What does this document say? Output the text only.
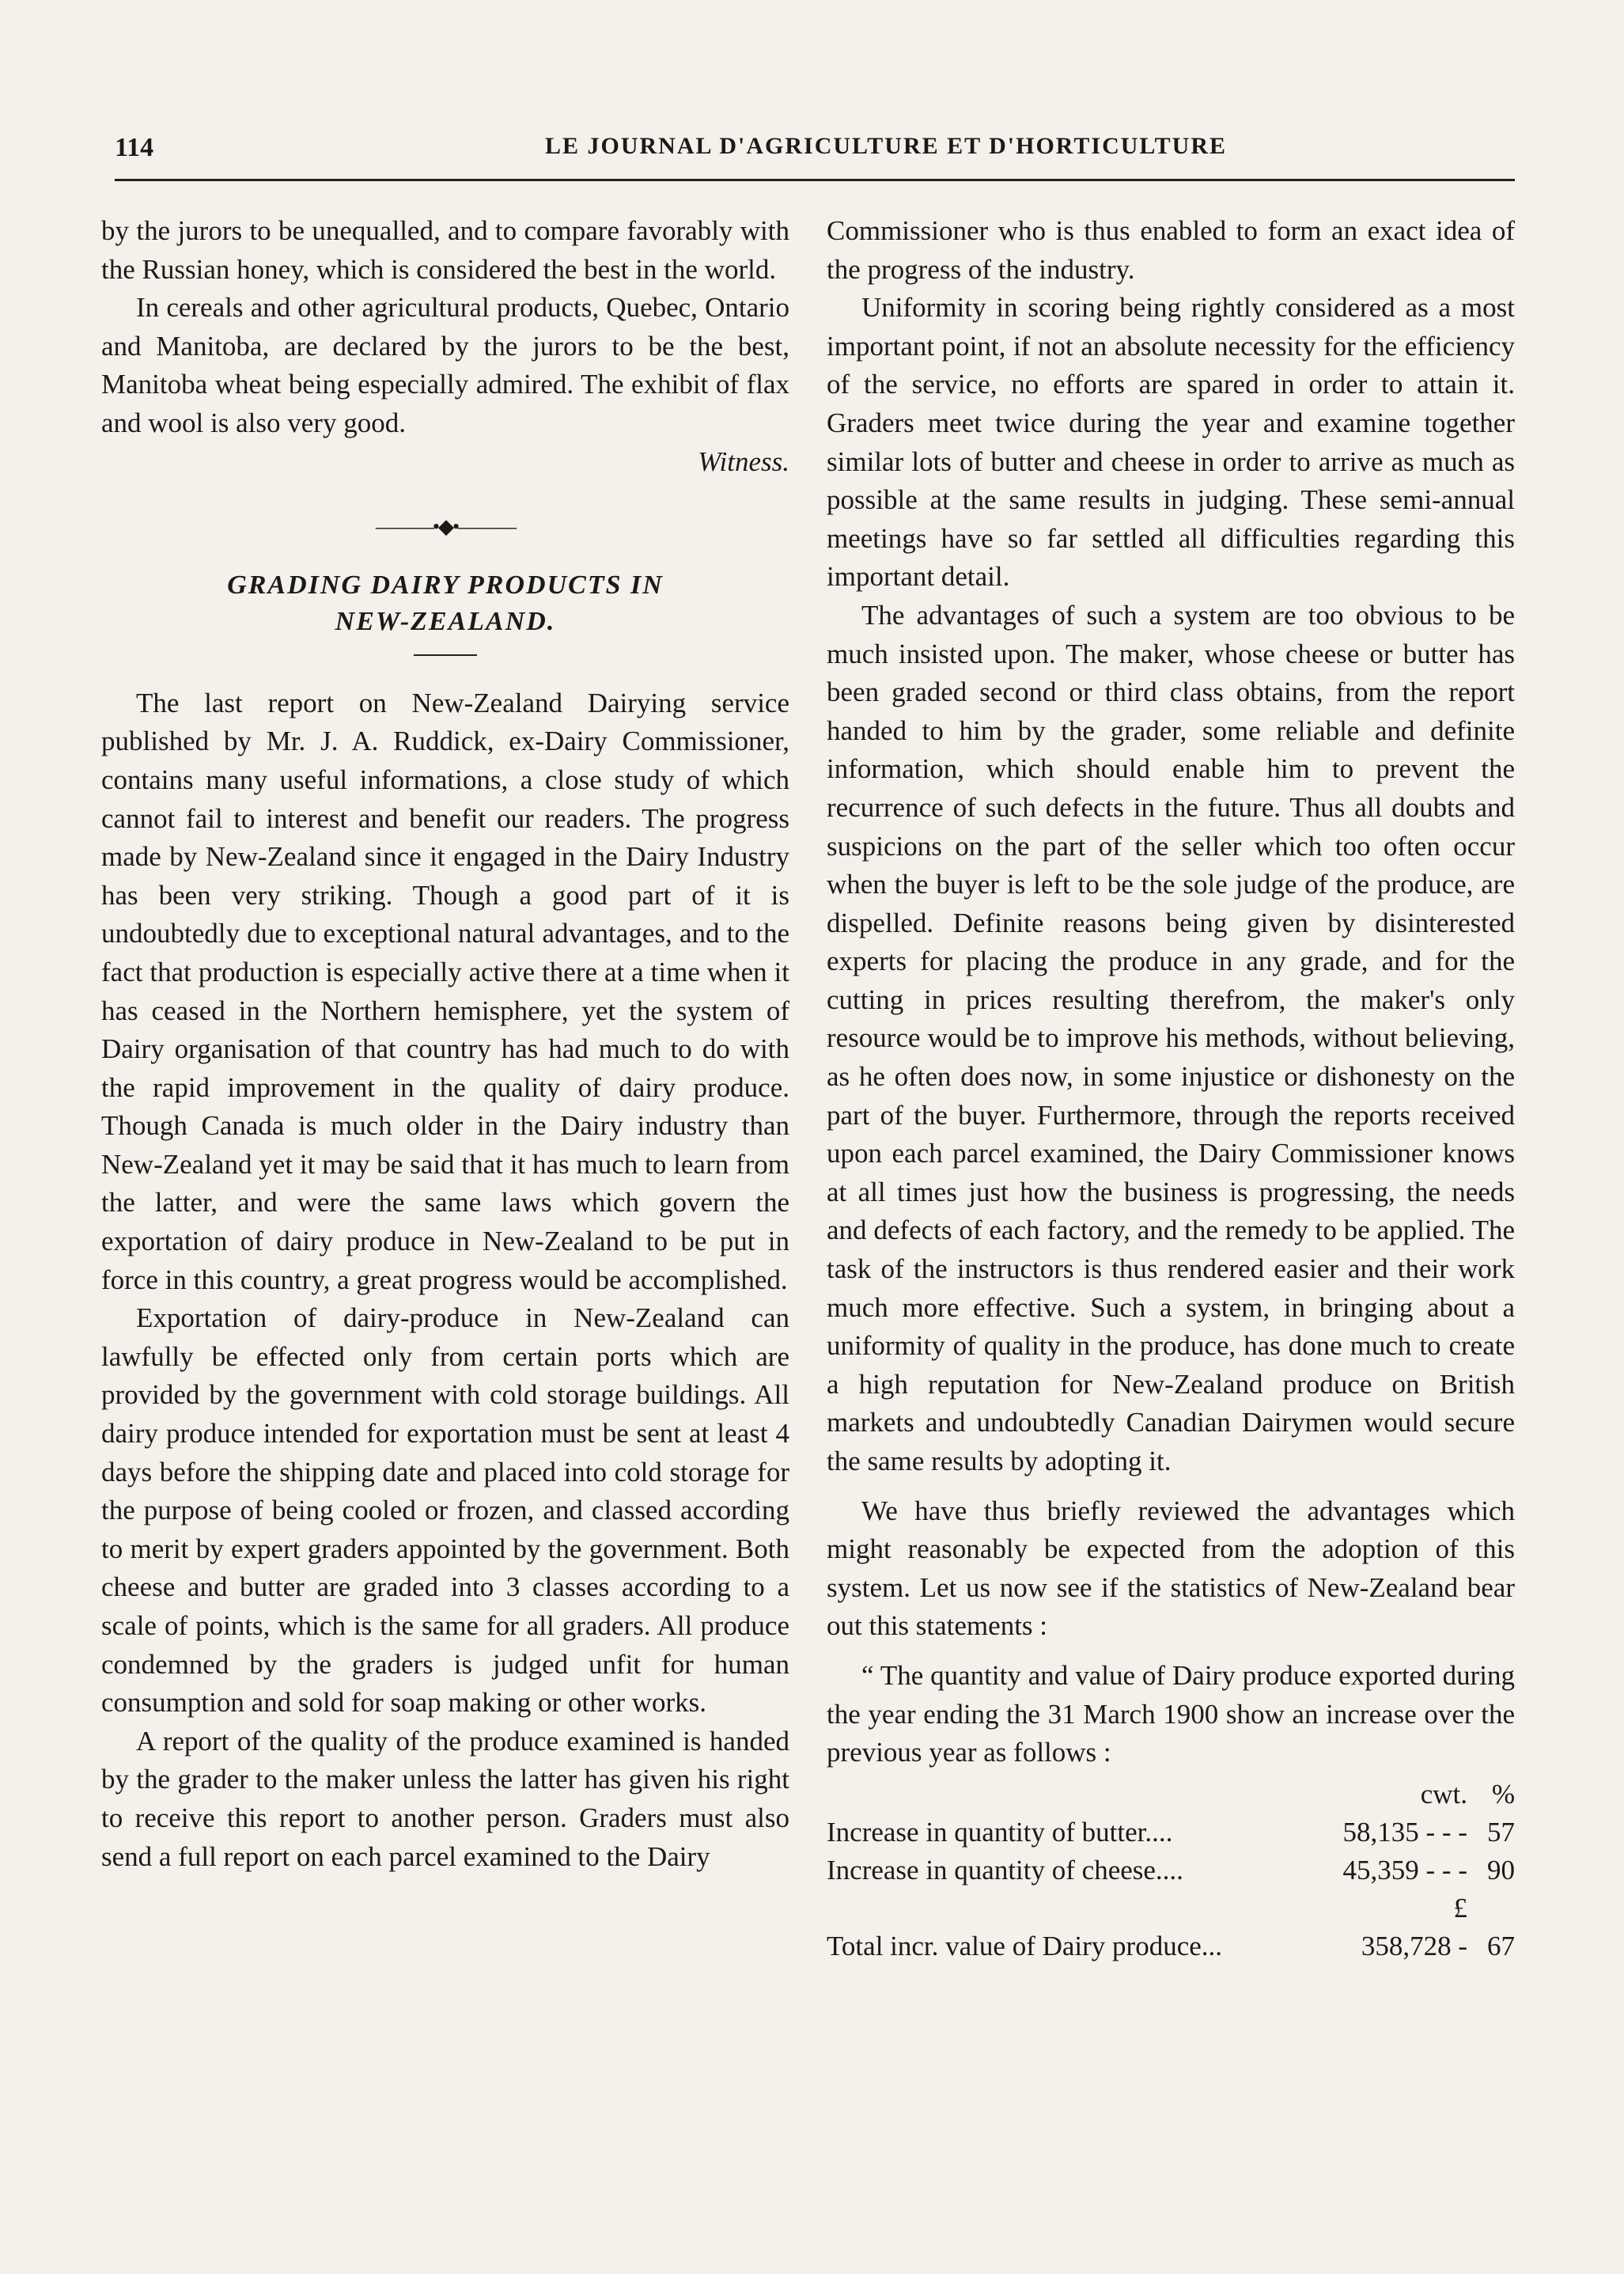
114	LE JOURNAL D'AGRICULTURE ET D'HORTICULTURE

by the jurors to be unequalled, and to compare favorably with the Russian honey, which is considered the best in the world.

In cereals and other agricultural products, Quebec, Ontario and Manitoba, are declared by the jurors to be the best, Manitoba wheat being especially admired. The exhibit of flax and wool is also very good.

Witness.

———•◆•———

GRADING DAIRY PRODUCTS IN

NEW-ZEALAND.

The last report on New-Zealand Dairying service published by Mr. J. A. Ruddick, ex-Dairy Commissioner, contains many useful informations, a close study of which cannot fail to interest and benefit our readers. The progress made by New-Zealand since it engaged in the Dairy Industry has been very striking. Though a good part of it is undoubtedly due to exceptional natural advantages, and to the fact that production is especially active there at a time when it has ceased in the Northern hemisphere, yet the system of Dairy organisation of that country has had much to do with the rapid improvement in the quality of dairy produce. Though Canada is much older in the Dairy industry than New-Zealand yet it may be said that it has much to learn from the latter, and were the same laws which govern the exportation of dairy produce in New-Zealand to be put in force in this country, a great progress would be accomplished.

Exportation of dairy-produce in New-Zealand can lawfully be effected only from certain ports which are provided by the government with cold storage buildings. All dairy produce intended for exportation must be sent at least 4 days before the shipping date and placed into cold storage for the purpose of being cooled or frozen, and classed according to merit by expert graders appointed by the government. Both cheese and butter are graded into 3 classes according to a scale of points, which is the same for all graders. All produce condemned by the graders is judged unfit for human consumption and sold for soap making or other works.

A report of the quality of the produce examined is handed by the grader to the maker unless the latter has given his right to receive this report to another person. Graders must also send a full report on each parcel examined to the Dairy

Commissioner who is thus enabled to form an exact idea of the progress of the industry.

Uniformity in scoring being rightly considered as a most important point, if not an absolute necessity for the efficiency of the service, no efforts are spared in order to attain it. Graders meet twice during the year and examine together similar lots of butter and cheese in order to arrive as much as possible at the same results in judging. These semi-annual meetings have so far settled all difficulties regarding this important detail.

The advantages of such a system are too obvious to be much insisted upon. The maker, whose cheese or butter has been graded second or third class obtains, from the report handed to him by the grader, some reliable and definite information, which should enable him to prevent the recurrence of such defects in the future. Thus all doubts and suspicions on the part of the seller which too often occur when the buyer is left to be the sole judge of the produce, are dispelled. Definite reasons being given by disinterested experts for placing the produce in any grade, and for the cutting in prices resulting therefrom, the maker's only resource would be to improve his methods, without believing, as he often does now, in some injustice or dishonesty on the part of the buyer. Furthermore, through the reports received upon each parcel examined, the Dairy Commissioner knows at all times just how the business is progressing, the needs and defects of each factory, and the remedy to be applied. The task of the instructors is thus rendered easier and their work much more effective. Such a system, in bringing about a uniformity of quality in the produce, has done much to create a high reputation for New-Zealand produce on British markets and undoubtedly Canadian Dairymen would secure the same results by adopting it.

We have thus briefly reviewed the advantages which might reasonably be expected from the adoption of this system. Let us now see if the statistics of New-Zealand bear out this statements :

“ The quantity and value of Dairy produce exported during the year ending the 31 March 1900 show an increase over the previous year as follows :

	cwt.	%
Increase in quantity of butter....	58,135 - - -	57
Increase in quantity of cheese....	45,359 - - -	90
	£	
Total incr. value of Dairy produce...	358,728 -	67
